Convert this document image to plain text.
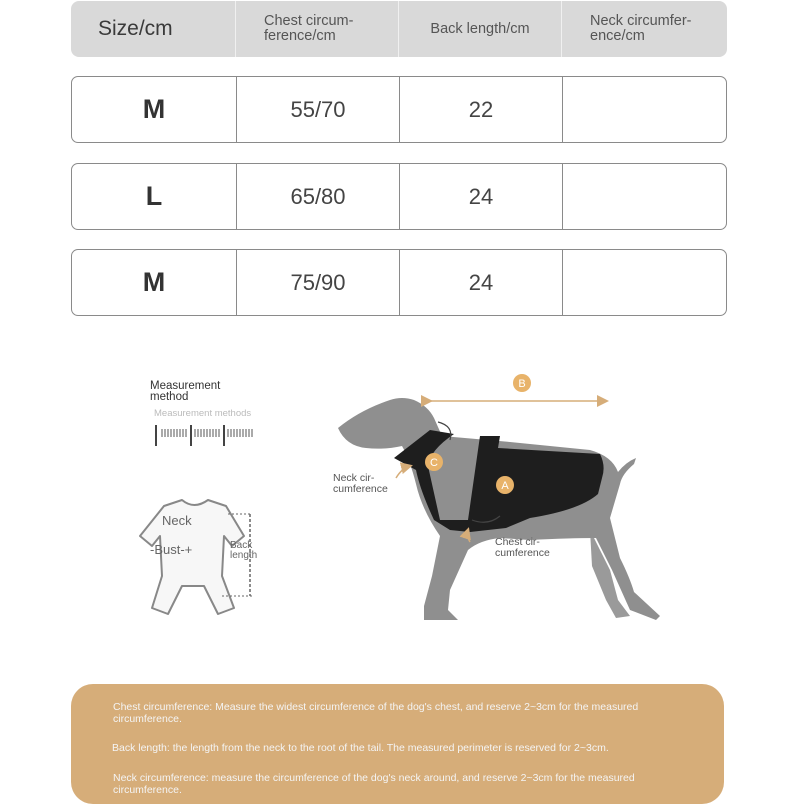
Size/cm	Chest circum-ference/cm	Back length/cm	Neck circumfer-ence/cm
M	55/70	22
L	65/80	24
M	75/90	24
Measurement method
Measurement methods
Neck
-Bust-+	Back length
B
C
A
Neck cir-cumference
Chest cir-cumference

Chest circumference: Measure the widest circumference of the dog's chest, and reserve 2~3cm for the measured circumference.

Back length: the length from the neck to the root of the tail. The measured perimeter is reserved for 2~3cm.

Neck circumference: measure the circumference of the dog's neck around, and reserve 2~3cm for the measured circumference.
